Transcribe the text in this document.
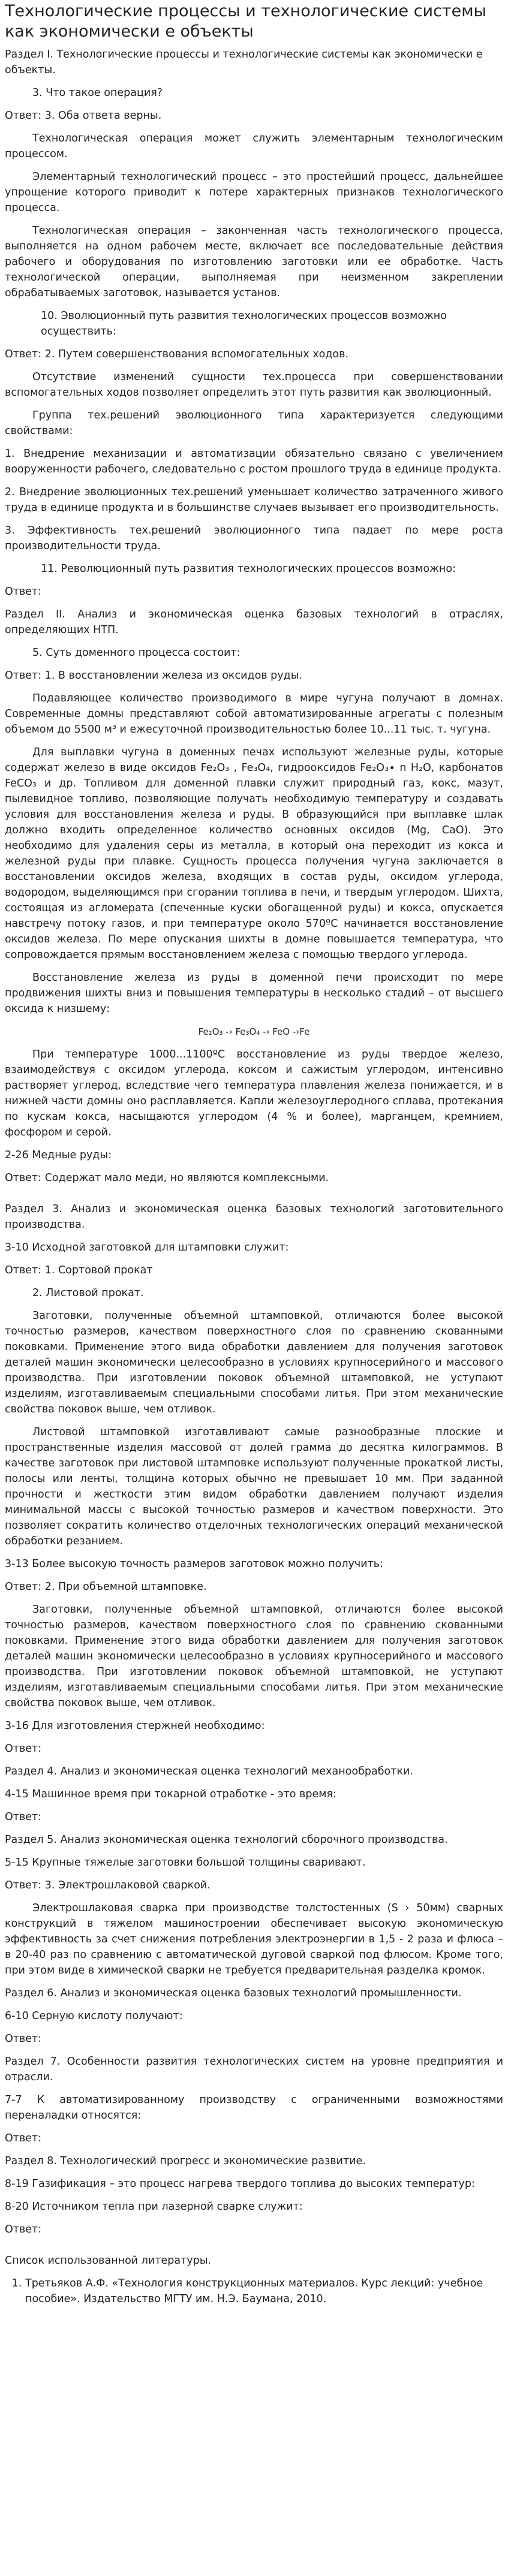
Технологические процессы и технологические системы как экономически е объекты

Раздел I. Технологические процессы и технологические системы как экономически е объекты.

3. Что такое операция?

Ответ: 3. Оба ответа верны.

Технологическая операция может служить элементарным технологическим процессом.

Элементарный технологический процесс – это простейший процесс, дальнейшее упрощение которого приводит к потере характерных признаков технологического процесса.

Технологическая операция – законченная часть технологического процесса, выполняется на одном рабочем месте, включает все последовательные действия рабочего и оборудования по изготовлению заготовки или ее обработке. Часть технологической операции, выполняемая при неизменном закреплении обрабатываемых заготовок, называется установ.

10. Эволюционный путь развития технологических процессов возможно осуществить:

Ответ: 2. Путем совершенствования вспомогательных ходов.

Отсутствие изменений сущности тех.процесса при совершенствовании вспомогательных ходов позволяет определить этот путь развития как эволюционный.

Группа тех.решений эволюционного типа характеризуется следующими свойствами:

1. Внедрение механизации и автоматизации обязательно связано с увеличением вооруженности рабочего, следовательно с ростом прошлого труда в единице продукта.

2. Внедрение эволюционных тех.решений уменьшает количество затраченного живого труда в единице продукта и в большинстве случаев вызывает его производительность.

3. Эффективность тех.решений эволюционного типа падает по мере роста производительности труда.

11. Революционный путь развития технологических процессов возможно:

Ответ:

Раздел II. Анализ и экономическая оценка базовых технологий в отраслях, определяющих НТП.

5. Суть доменного процесса состоит:

Ответ: 1. В восстановлении железа из оксидов руды.

Подавляющее количество производимого в мире чугуна получают в домнах. Современные домны представляют собой автоматизированные агрегаты с полезным объемом до 5500 м³ и ежесуточной производительностью более 10...11 тыс. т. чугуна.

Для выплавки чугуна в доменных печах используют железные руды, которые содержат железо в виде оксидов Fe₂O₃ , Fe₃O₄, гидрооксидов Fe₂O₃∙ n H₂O, карбонатов FeCO₃ и др. Топливом для доменной плавки служит природный газ, кокс, мазут, пылевидное топливо, позволяющие получать необходимую температуру и создавать условия для восстановления железа и руды. В образующийся при выплавке шлак должно входить определенное количество основных оксидов (Mg, CaO). Это необходимо для удаления серы из металла, в который она переходит из кокса и железной руды при плавке. Сущность процесса получения чугуна заключается в восстановлении оксидов железа, входящих в состав руды, оксидом углерода, водородом, выделяющимся при сгорании топлива в печи, и твердым углеродом. Шихта, состоящая из агломерата (спеченные куски обогащенной руды) и кокса, опускается навстречу потоку газов, и при температуре около 570ºC начинается восстановление оксидов железа. По мере опускания шихты в домне повышается температура, что сопровождается прямым восстановлением железа с помощью твердого углерода.

Восстановление железа из руды в доменной печи происходит по мере продвижения шихты вниз и повышения температуры в несколько стадий – от высшего оксида к низшему:

Fe₂O₃ -› Fe₃O₄ -› FeO -›Fe

При температуре 1000...1100ºC восстановление из руды твердое железо, взаимодействуя с оксидом углерода, коксом и сажистым углеродом, интенсивно растворяет углерод, вследствие чего температура плавления железа понижается, и в нижней части домны оно расплавляется. Капли железоуглеродного сплава, протекания по кускам кокса, насыщаются углеродом (4 % и более), марганцем, кремнием, фосфором и серой.

2-26 Медные руды:

Ответ: Содержат мало меди, но являются комплексными.

Раздел 3. Анализ и экономическая оценка базовых технологий заготовительного производства.

3-10 Исходной заготовкой для штамповки служит:

Ответ: 1. Сортовой прокат

2. Листовой прокат.

Заготовки, полученные объемной штамповкой, отличаются более высокой точностью размеров, качеством поверхностного слоя по сравнению скованными поковками. Применение этого вида обработки давлением для получения заготовок деталей машин экономически целесообразно в условиях крупносерийного и массового производства. При изготовлении поковок объемной штамповкой, не уступают изделиям, изготавливаемым специальными способами литья. При этом механические свойства поковок выше, чем отливок.

Листовой штамповкой изготавливают самые разнообразные плоские и пространственные изделия массовой от долей грамма до десятка килограммов. В качестве заготовок при листовой штамповке используют полученные прокаткой листы, полосы или ленты, толщина которых обычно не превышает 10 мм. При заданной прочности и жесткости этим видом обработки давлением получают изделия минимальной массы с высокой точностью размеров и качеством поверхности. Это позволяет сократить количество отделочных технологических операций механической обработки резанием.

3-13 Более высокую точность размеров заготовок можно получить:

Ответ: 2. При объемной штамповке.

Заготовки, полученные объемной штамповкой, отличаются более высокой точностью размеров, качеством поверхностного слоя по сравнению скованными поковками. Применение этого вида обработки давлением для получения заготовок деталей машин экономически целесообразно в условиях крупносерийного и массового производства. При изготовлении поковок объемной штамповкой, не уступают изделиям, изготавливаемым специальными способами литья. При этом механические свойства поковок выше, чем отливок.

3-16 Для изготовления стержней необходимо:

Ответ:

Раздел 4. Анализ и экономическая оценка технологий механообработки.

4-15 Машинное время при токарной отработке - это время:

Ответ:

Раздел 5. Анализ экономическая оценка технологий сборочного производства.

5-15 Крупные тяжелые заготовки большой толщины сваривают.

Ответ: 3. Электрошлаковой сваркой.

Электрошлаковая сварка при производстве толстостенных (S › 50мм) сварных конструкций в тяжелом машиностроении обеспечивает высокую экономическую эффективность за счет снижения потребления электроэнергии в 1,5 - 2 раза и флюса – в 20-40 раз по сравнению с автоматической дуговой сваркой под флюсом. Кроме того, при этом виде в химической сварки не требуется предварительная разделка кромок.

Раздел 6. Анализ и экономическая оценка базовых технологий промышленности.

6-10 Серную кислоту получают:

Ответ:

Раздел 7. Особенности развития технологических систем на уровне предприятия и отрасли.

7-7 К автоматизированному производству с ограниченными возможностями переналадки относятся:

Ответ:

Раздел 8. Технологический прогресс и экономические развитие.

8-19 Газификация – это процесс нагрева твердого топлива до высоких температур:

8-20 Источником тепла при лазерной сварке служит:

Ответ:

Список использованной литературы.

1. Третьяков А.Ф. «Технология конструкционных материалов. Курс лекций: учебное пособие». Издательство МГТУ им. Н.Э. Баумана, 2010.
